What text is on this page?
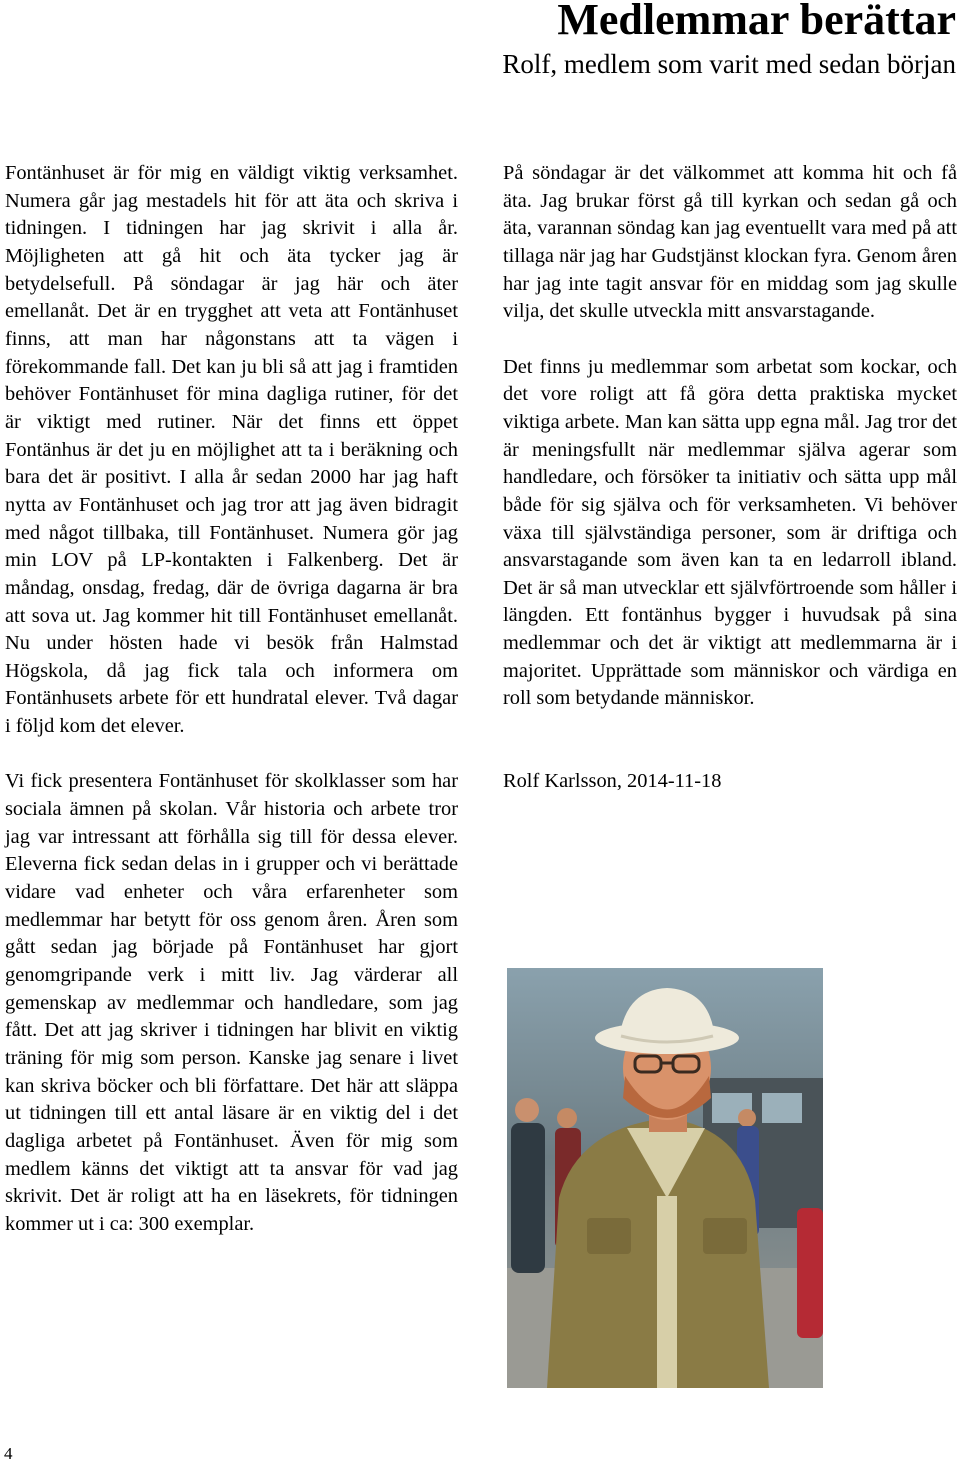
Medlemmar berättar
Rolf, medlem som varit med sedan början

Fontänhuset är för mig en väldigt viktig verksamhet. Numera går jag mestadels hit för att äta och skriva i tidningen. I tidningen har jag skrivit i alla år. Möjligheten att gå hit och äta tycker jag är betydelsefull. På söndagar är jag här och äter emellanåt. Det är en trygghet att veta att Fontänhuset finns, att man har någonstans att ta vägen i förekommande fall. Det kan ju bli så att jag i framtiden behöver Fontänhuset för mina dagliga rutiner, för det är viktigt med rutiner. När det finns ett öppet Fontänhus är det ju en möjlighet att ta i beräkning och bara det är positivt. I alla år sedan 2000 har jag haft nytta av Fontänhuset och jag tror att jag även bidragit med något tillbaka, till Fontänhuset. Numera gör jag min LOV på LP-kontakten i Falkenberg. Det är måndag, onsdag, fredag, där de övriga dagarna är bra att sova ut. Jag kommer hit till Fontänhuset emellanåt. Nu under hösten hade vi besök från Halmstad Högskola, då jag fick tala och informera om Fontänhusets arbete för ett hundratal elever. Två dagar i följd kom det elever.

Vi fick presentera Fontänhuset för skolklasser som har sociala ämnen på skolan. Vår historia och arbete tror jag var intressant att förhålla sig till för dessa elever. Eleverna fick sedan delas in i grupper och vi berättade vidare vad enheter och våra erfarenheter som medlemmar har betytt för oss genom åren. Åren som gått sedan jag började på Fontänhuset har gjort genomgripande verk i mitt liv. Jag värderar all gemenskap av medlemmar och handledare, som jag fått. Det att jag skriver i tidningen har blivit en viktig träning för mig som person. Kanske jag senare i livet kan skriva böcker och bli författare. Det här att släppa ut tidningen till ett antal läsare är en viktig del i det dagliga arbetet på Fontänhuset. Även för mig som medlem känns det viktigt att ta ansvar för vad jag skrivit. Det är roligt att ha en läsekrets, för tidningen kommer ut i ca: 300 exemplar.

På söndagar är det välkommet att komma hit och få äta. Jag brukar först gå till kyrkan och sedan gå och äta, varannan söndag kan jag eventuellt vara med på att tillaga när jag har Gudstjänst klockan fyra. Genom åren har jag inte tagit ansvar för en middag som jag skulle vilja, det skulle utveckla mitt ansvarstagande.

Det finns ju medlemmar som arbetat som kockar, och det vore roligt att få göra detta praktiska mycket viktiga arbete. Man kan sätta upp egna mål. Jag tror det är meningsfullt när medlemmar själva agerar som handledare, och försöker ta initiativ och sätta upp mål både för sig själva och för verksamheten. Vi behöver växa till självständiga personer, som är driftiga och ansvarstagande som även kan ta en ledarroll ibland. Det är så man utvecklar ett självförtroende som håller i längden. Ett fontänhus bygger i huvudsak på sina medlemmar och det är viktigt att medlemmarna är i majoritet. Upprättade som människor och värdiga en roll som betydande människor.

Rolf Karlsson, 2014-11-18

4
